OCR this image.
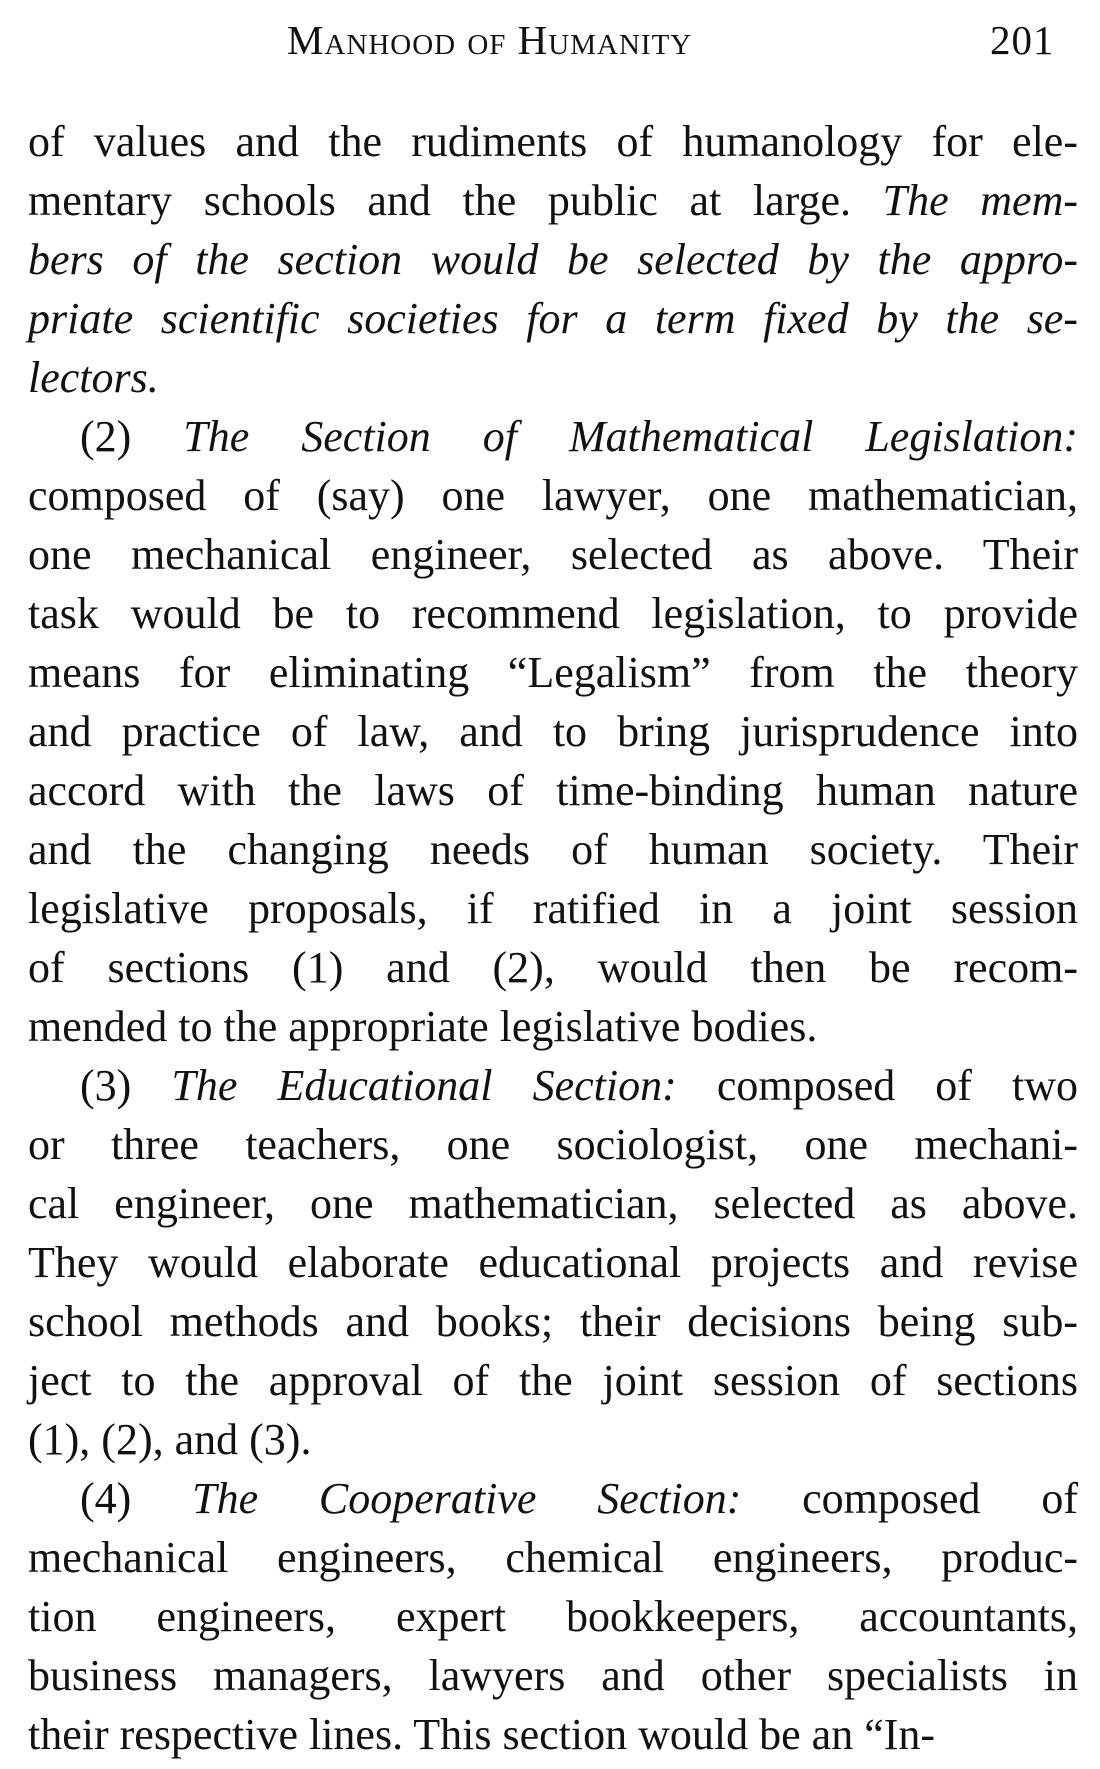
Manhood of Humanity	201
of values and the rudiments of humanology for ele-
mentary schools and the public at large. The mem-
bers of the section would be selected by the appro-
priate scientific societies for a term fixed by the se-
lectors.
(2) The Section of Mathematical Legislation:
composed of (say) one lawyer, one mathematician,
one mechanical engineer, selected as above. Their
task would be to recommend legislation, to provide
means for eliminating “Legalism” from the theory
and practice of law, and to bring jurisprudence into
accord with the laws of time-binding human nature
and the changing needs of human society. Their
legislative proposals, if ratified in a joint session
of sections (1) and (2), would then be recom-
mended to the appropriate legislative bodies.
(3) The Educational Section: composed of two
or three teachers, one sociologist, one mechani-
cal engineer, one mathematician, selected as above.
They would elaborate educational projects and revise
school methods and books; their decisions being sub-
ject to the approval of the joint session of sections
(1), (2), and (3).
(4) The Cooperative Section: composed of
mechanical engineers, chemical engineers, produc-
tion engineers, expert bookkeepers, accountants,
business managers, lawyers and other specialists in
their respective lines. This section would be an “In-
